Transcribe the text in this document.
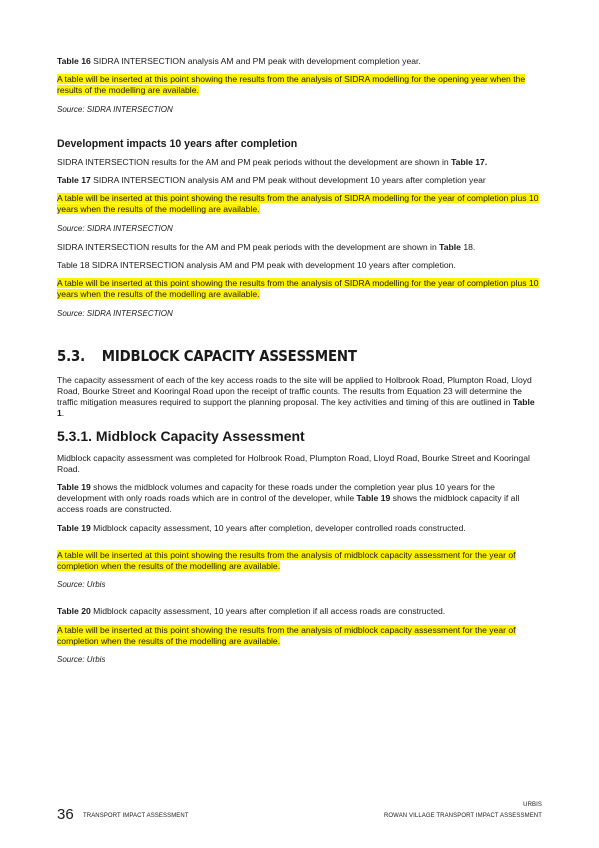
Table 16 SIDRA INTERSECTION analysis AM and PM peak with development completion year.

A table will be inserted at this point showing the results from the analysis of SIDRA modelling for the opening year when the results of the modelling are available.

Source: SIDRA INTERSECTION

Development impacts 10 years after completion

SIDRA INTERSECTION results for the AM and PM peak periods without the development are shown in Table 17.

Table 17 SIDRA INTERSECTION analysis AM and PM peak without development 10 years after completion year

A table will be inserted at this point showing the results from the analysis of SIDRA modelling for the year of completion plus 10 years when the results of the modelling are available.

Source: SIDRA INTERSECTION

SIDRA INTERSECTION results for the AM and PM peak periods with the development are shown in Table 18.

Table 18 SIDRA INTERSECTION analysis AM and PM peak with development 10 years after completion.

A table will be inserted at this point showing the results from the analysis of SIDRA modelling for the year of completion plus 10 years when the results of the modelling are available.

Source: SIDRA INTERSECTION

5.3.	MIDBLOCK CAPACITY ASSESSMENT

The capacity assessment of each of the key access roads to the site will be applied to Holbrook Road, Plumpton Road, Lloyd Road, Bourke Street and Kooringal Road upon the receipt of traffic counts. The results from Equation 23 will determine the traffic mitigation measures required to support the planning proposal. The key activities and timing of this are outlined in Table 1.

5.3.1. Midblock Capacity Assessment

Midblock capacity assessment was completed for Holbrook Road, Plumpton Road, Lloyd Road, Bourke Street and Kooringal Road.

Table 19 shows the midblock volumes and capacity for these roads under the completion year plus 10 years for the development with only roads roads which are in control of the developer, while Table 19 shows the midblock capacity if all access roads are constructed.

Table 19 Midblock capacity assessment, 10 years after completion, developer controlled roads constructed.

A table will be inserted at this point showing the results from the analysis of midblock capacity assessment for the year of completion when the results of the modelling are available.

Source: Urbis

Table 20 Midblock capacity assessment, 10 years after completion if all access roads are constructed.

A table will be inserted at this point showing the results from the analysis of midblock capacity assessment for the year of completion when the results of the modelling are available.

Source: Urbis

36 TRANSPORT IMPACT ASSESSMENT
URBIS
ROWAN VILLAGE TRANSPORT IMPACT ASSESSMENT
